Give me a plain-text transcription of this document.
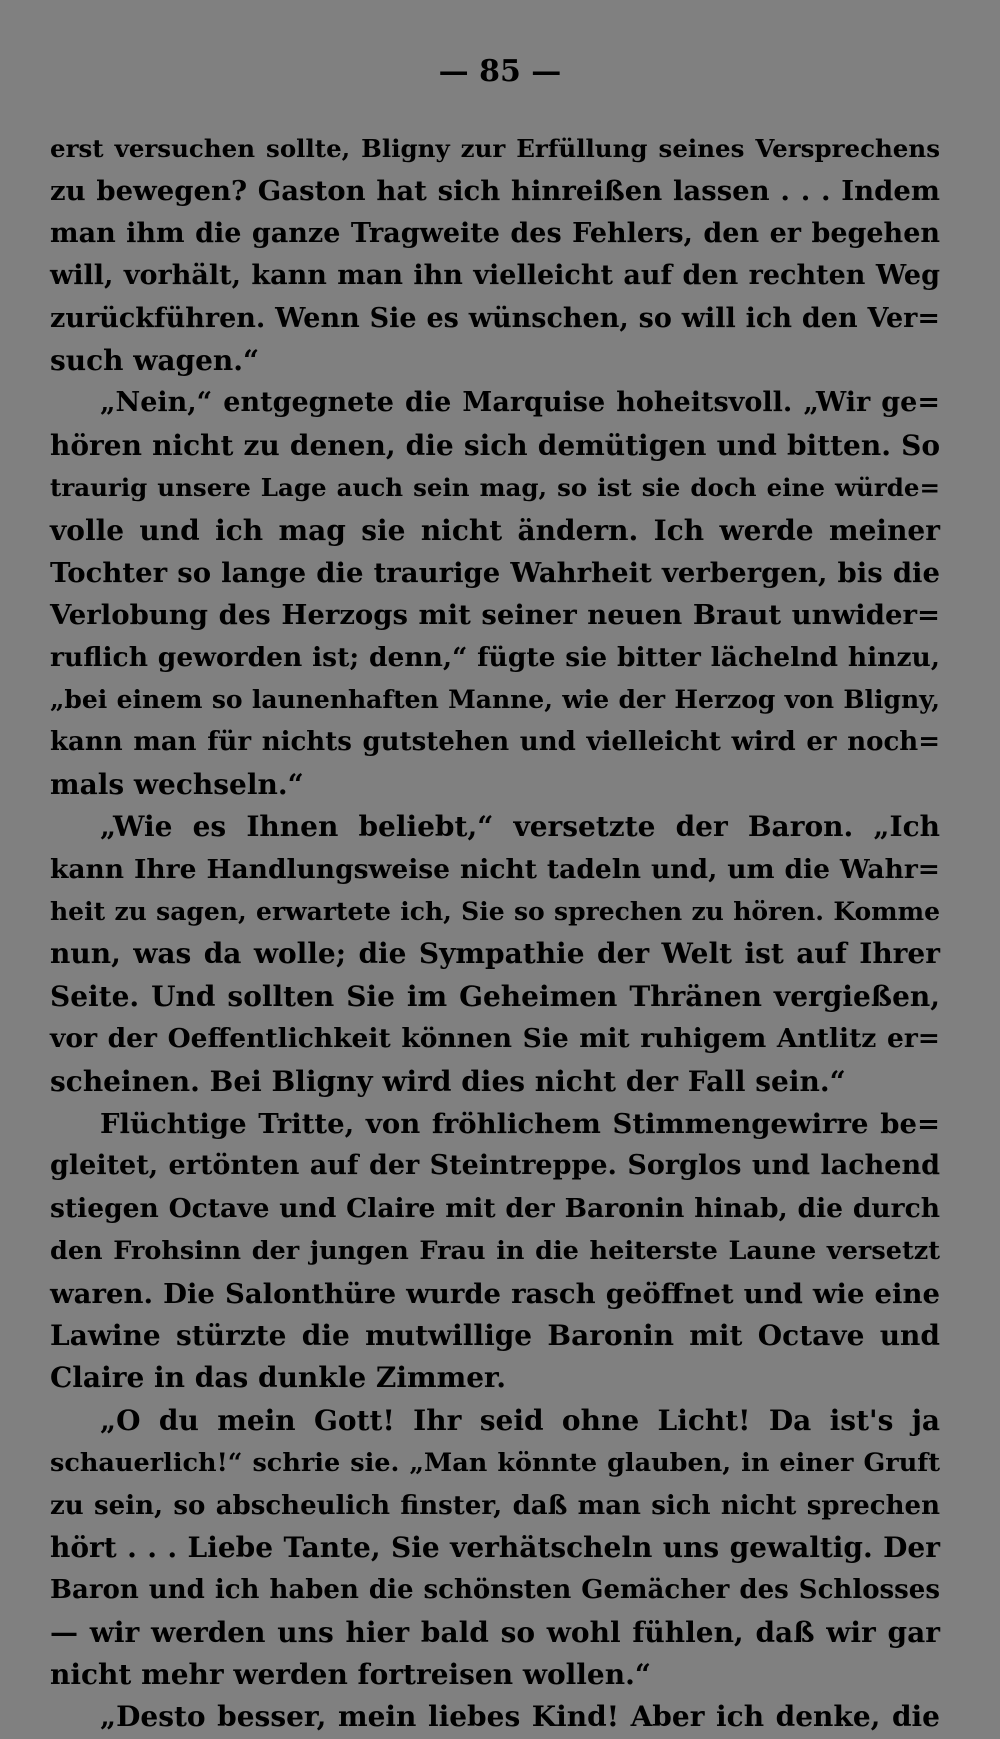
— 85 —
erst versuchen sollte, Bligny zur Erfüllung seines Versprechens
zu bewegen? Gaston hat sich hinreißen lassen . . . Indem
man ihm die ganze Tragweite des Fehlers, den er begehen
will, vorhält, kann man ihn vielleicht auf den rechten Weg
zurückführen. Wenn Sie es wünschen, so will ich den Ver=
such wagen.“
„Nein,“ entgegnete die Marquise hoheitsvoll. „Wir ge=
hören nicht zu denen, die sich demütigen und bitten. So
traurig unsere Lage auch sein mag, so ist sie doch eine würde=
volle und ich mag sie nicht ändern. Ich werde meiner
Tochter so lange die traurige Wahrheit verbergen, bis die
Verlobung des Herzogs mit seiner neuen Braut unwider=
ruflich geworden ist; denn,“ fügte sie bitter lächelnd hinzu,
„bei einem so launenhaften Manne, wie der Herzog von Bligny,
kann man für nichts gutstehen und vielleicht wird er noch=
mals wechseln.“
„Wie es Ihnen beliebt,“ versetzte der Baron. „Ich
kann Ihre Handlungsweise nicht tadeln und, um die Wahr=
heit zu sagen, erwartete ich, Sie so sprechen zu hören. Komme
nun, was da wolle; die Sympathie der Welt ist auf Ihrer
Seite. Und sollten Sie im Geheimen Thränen vergießen,
vor der Oeffentlichkeit können Sie mit ruhigem Antlitz er=
scheinen. Bei Bligny wird dies nicht der Fall sein.“
Flüchtige Tritte, von fröhlichem Stimmengewirre be=
gleitet, ertönten auf der Steintreppe. Sorglos und lachend
stiegen Octave und Claire mit der Baronin hinab, die durch
den Frohsinn der jungen Frau in die heiterste Laune versetzt
waren. Die Salonthüre wurde rasch geöffnet und wie eine
Lawine stürzte die mutwillige Baronin mit Octave und
Claire in das dunkle Zimmer.
„O du mein Gott! Ihr seid ohne Licht! Da ist's ja
schauerlich!“ schrie sie. „Man könnte glauben, in einer Gruft
zu sein, so abscheulich finster, daß man sich nicht sprechen
hört . . . Liebe Tante, Sie verhätscheln uns gewaltig. Der
Baron und ich haben die schönsten Gemächer des Schlosses
— wir werden uns hier bald so wohl fühlen, daß wir gar
nicht mehr werden fortreisen wollen.“
„Desto besser, mein liebes Kind! Aber ich denke, die
